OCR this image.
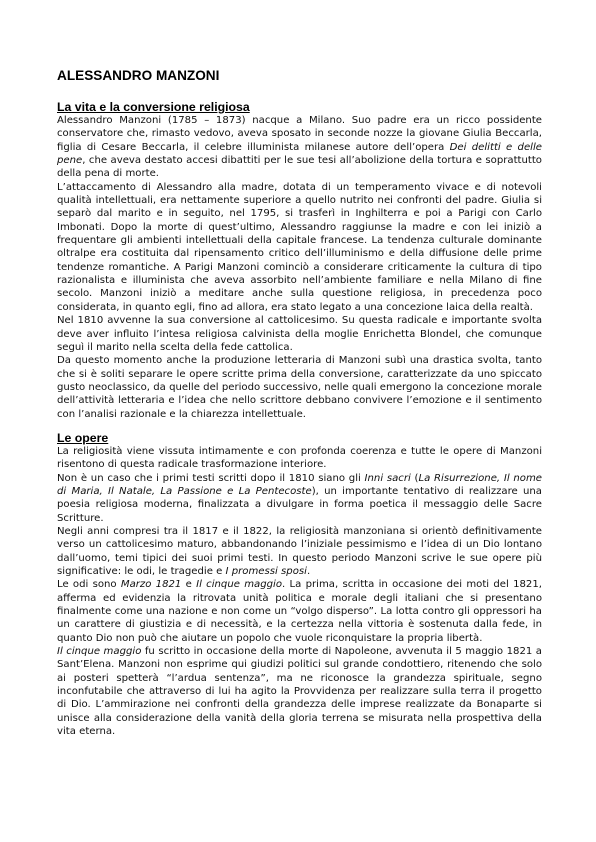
ALESSANDRO MANZONI
La vita e la conversione religiosa

Alessandro Manzoni (1785 – 1873) nacque a Milano. Suo padre era un ricco possidente conservatore che, rimasto vedovo, aveva sposato in seconde nozze la giovane Giulia Beccarla, figlia di Cesare Beccarla, il celebre illuminista milanese autore dell’opera Dei delitti e delle pene, che aveva destato accesi dibattiti per le sue tesi all’abolizione della tortura e soprattutto della pena di morte.

L’attaccamento di Alessandro alla madre, dotata di un temperamento vivace e di notevoli qualità intellettuali, era nettamente superiore a quello nutrito nei confronti del padre. Giulia si separò dal marito e in seguito, nel 1795, si trasferì in Inghilterra e poi a Parigi con Carlo Imbonati. Dopo la morte di quest’ultimo, Alessandro raggiunse la madre e con lei iniziò a frequentare gli ambienti intellettuali della capitale francese. La tendenza culturale dominante oltralpe era costituita dal ripensamento critico dell’illuminismo e della diffusione delle prime tendenze romantiche. A Parigi Manzoni cominciò a considerare criticamente la cultura di tipo razionalista e illuminista che aveva assorbito nell’ambiente familiare e nella Milano di fine secolo. Manzoni iniziò a meditare anche sulla questione religiosa, in precedenza poco considerata, in quanto egli, fino ad allora, era stato legato a una concezione laica della realtà.

Nel 1810 avvenne la sua conversione al cattolicesimo. Su questa radicale e importante svolta deve aver influito l’intesa religiosa calvinista della moglie Enrichetta Blondel, che comunque seguì il marito nella scelta della fede cattolica.

Da questo momento anche la produzione letteraria di Manzoni subì una drastica svolta, tanto che si è soliti separare le opere scritte prima della conversione, caratterizzate da uno spiccato gusto neoclassico, da quelle del periodo successivo, nelle quali emergono la concezione morale dell’attività letteraria e l’idea che nello scrittore debbano convivere l’emozione e il sentimento con l’analisi razionale e la chiarezza intellettuale.

Le opere

La religiosità viene vissuta intimamente e con profonda coerenza e tutte le opere di Manzoni risentono di questa radicale trasformazione interiore.

Non è un caso che i primi testi scritti dopo il 1810 siano gli Inni sacri (La Risurrezione, Il nome di Maria, Il Natale, La Passione e La Pentecoste), un importante tentativo di realizzare una poesia religiosa moderna, finalizzata a divulgare in forma poetica il messaggio delle Sacre Scritture.

Negli anni compresi tra il 1817 e il 1822, la religiosità manzoniana si orientò definitivamente verso un cattolicesimo maturo, abbandonando l’iniziale pessimismo e l’idea di un Dio lontano dall’uomo, temi tipici dei suoi primi testi. In questo periodo Manzoni scrive le sue opere più significative: le odi, le tragedie e I promessi sposi.

Le odi sono Marzo 1821 e Il cinque maggio. La prima, scritta in occasione dei moti del 1821, afferma ed evidenzia la ritrovata unità politica e morale degli italiani che si presentano finalmente come una nazione e non come un “volgo disperso”. La lotta contro gli oppressori ha un carattere di giustizia e di necessità, e la certezza nella vittoria è sostenuta dalla fede, in quanto Dio non può che aiutare un popolo che vuole riconquistare la propria libertà.

Il cinque maggio fu scritto in occasione della morte di Napoleone, avvenuta il 5 maggio 1821 a Sant’Elena. Manzoni non esprime qui giudizi politici sul grande condottiero, ritenendo che solo ai posteri spetterà “l’ardua sentenza”, ma ne riconosce la grandezza spirituale, segno inconfutabile che attraverso di lui ha agito la Provvidenza per realizzare sulla terra il progetto di Dio. L’ammirazione nei confronti della grandezza delle imprese realizzate da Bonaparte si unisce alla considerazione della vanità della gloria terrena se misurata nella prospettiva della vita eterna.
